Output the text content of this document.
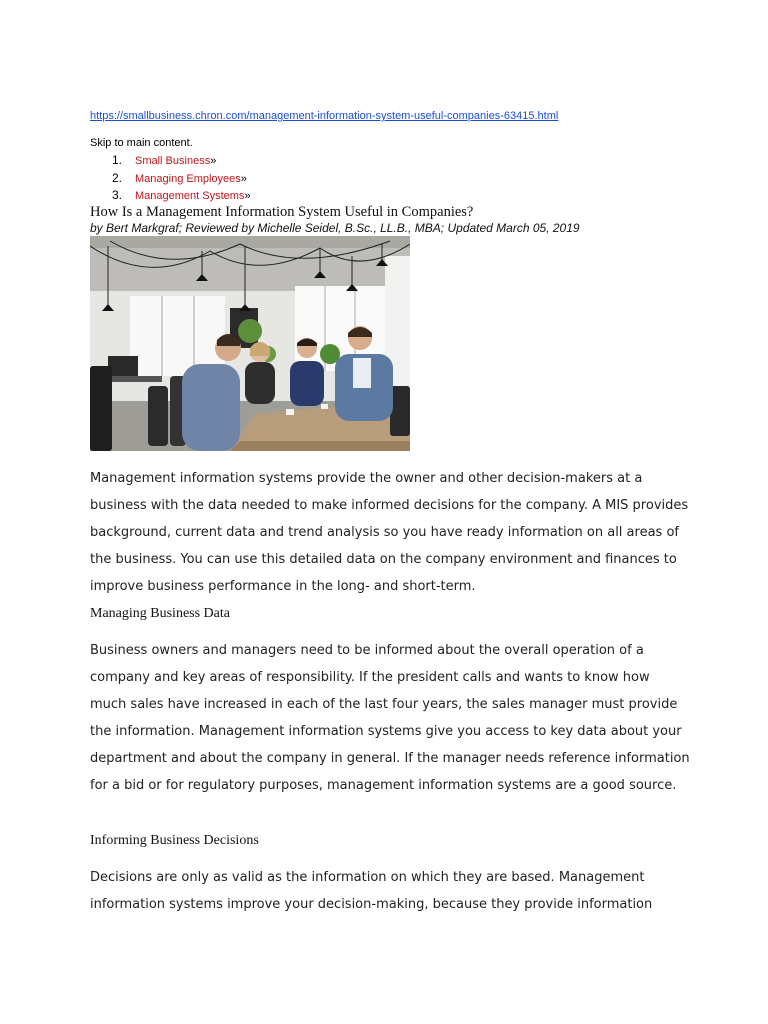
https://smallbusiness.chron.com/management-information-system-useful-companies-63415.html
Skip to main content.
1. Small Business»
2. Managing Employees»
3. Management Systems»
How Is a Management Information System Useful in Companies?
by Bert Markgraf; Reviewed by Michelle Seidel, B.Sc., LL.B., MBA; Updated March 05, 2019

Management information systems provide the owner and other decision-makers at a business with the data needed to make informed decisions for the company. A MIS provides background, current data and trend analysis so you have ready information on all areas of the business. You can use this detailed data on the company environment and finances to improve business performance in the long- and short-term.

Managing Business Data

Business owners and managers need to be informed about the overall operation of a company and key areas of responsibility. If the president calls and wants to know how much sales have increased in each of the last four years, the sales manager must provide the information. Management information systems give you access to key data about your department and about the company in general. If the manager needs reference information for a bid or for regulatory purposes, management information systems are a good source.

Informing Business Decisions

Decisions are only as valid as the information on which they are based. Management information systems improve your decision-making, because they provide information
